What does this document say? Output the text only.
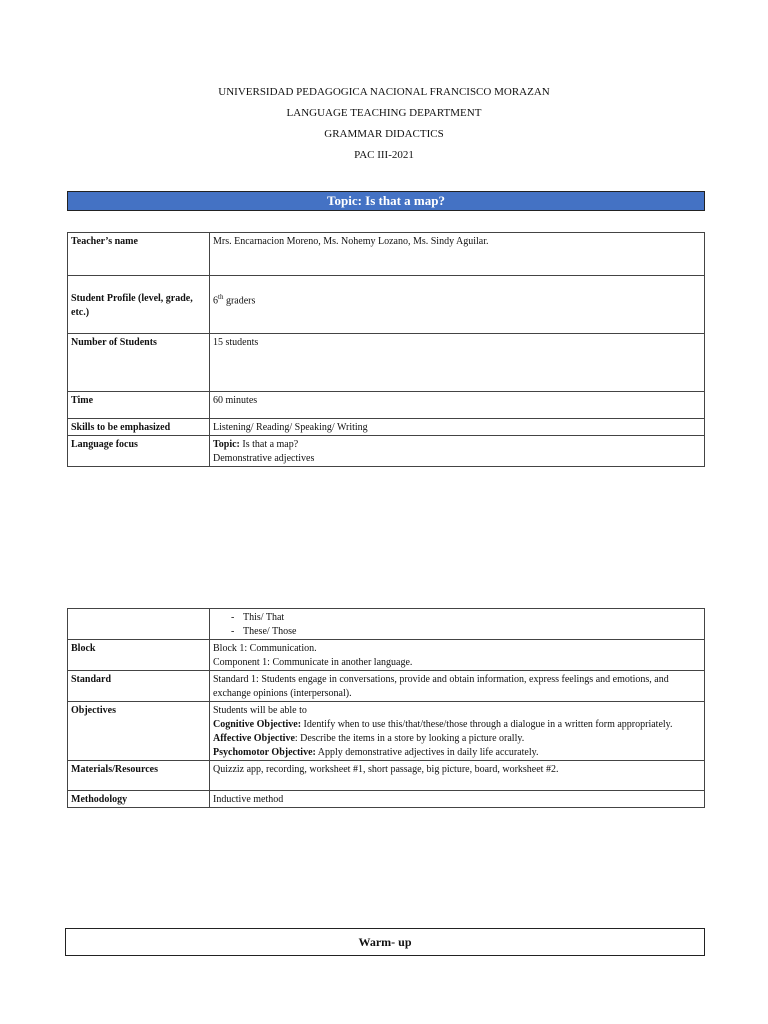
UNIVERSIDAD PEDAGOGICA NACIONAL FRANCISCO MORAZAN
LANGUAGE TEACHING DEPARTMENT
GRAMMAR DIDACTICS
PAC III-2021
Topic: Is that a map?
Teacher’s name	Mrs. Encarnacion Moreno, Ms. Nohemy Lozano, Ms. Sindy Aguilar.
Student Profile (level, grade, etc.)	6th graders
Number of Students	15 students
Time	60 minutes
Skills to be emphasized	Listening/ Reading/ Speaking/ Writing
Language focus	Topic: Is that a map?
Demonstrative adjectives

	- This/ That
- These/ Those

Block	Block 1: Communication.
Component 1: Communicate in another language.
Standard	Standard 1: Students engage in conversations, provide and obtain information, express feelings and emotions, and exchange opinions (interpersonal).
Objectives	Students will be able to
Cognitive Objective: Identify when to use this/that/these/those through a dialogue in a written form appropriately.
Affective Objective: Describe the items in a store by looking a picture orally.
Psychomotor Objective: Apply demonstrative adjectives in daily life accurately.
Materials/Resources	Quizziz app, recording, worksheet #1, short passage, big picture, board, worksheet #2.
Methodology	Inductive method
Warm- up
